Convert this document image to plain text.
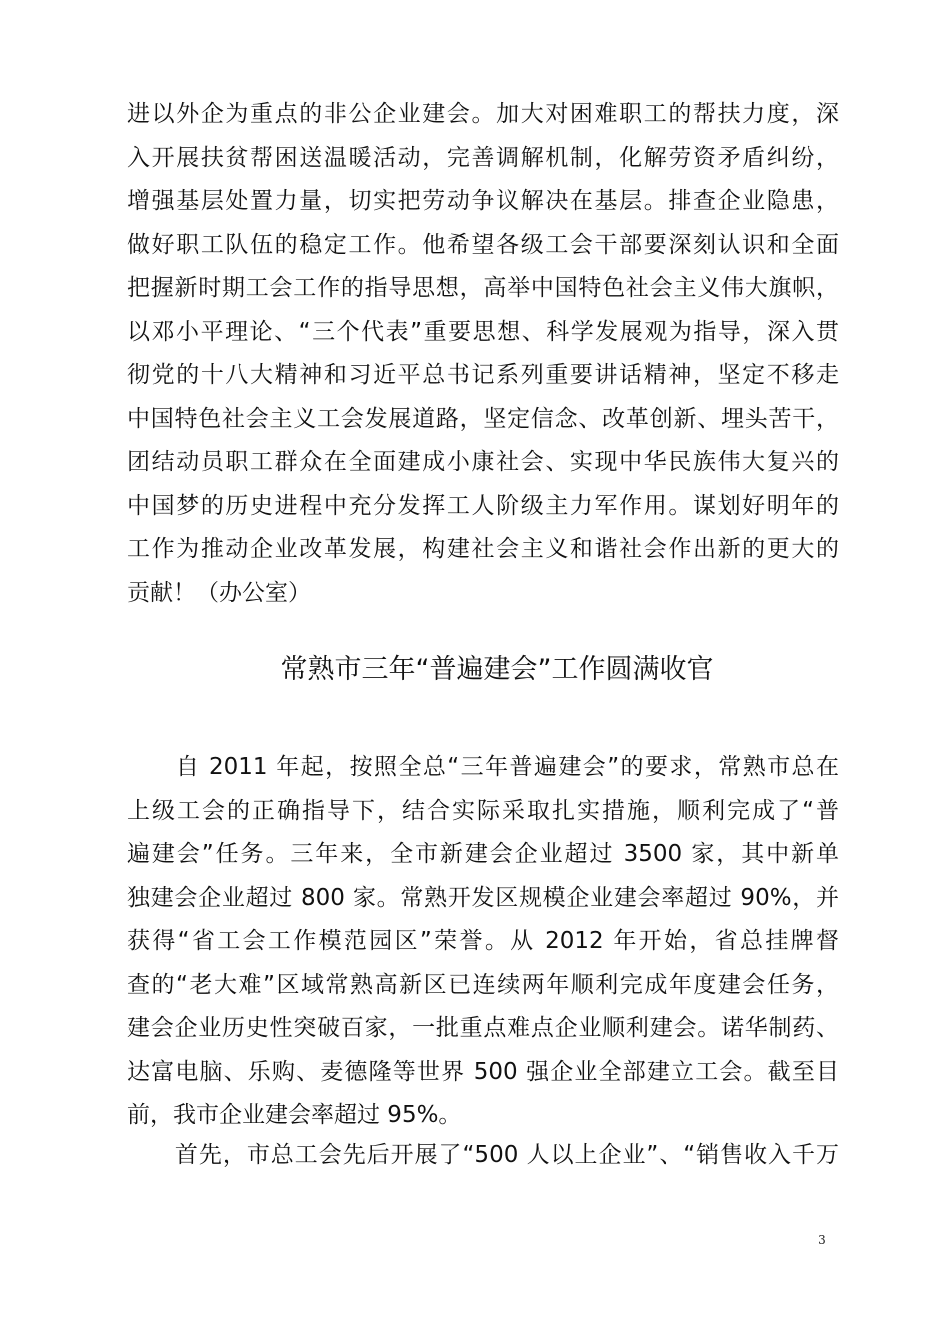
进以外企为重点的非公企业建会。加大对困难职工的帮扶力度，深
入开展扶贫帮困送温暖活动，完善调解机制，化解劳资矛盾纠纷，
增强基层处置力量，切实把劳动争议解决在基层。排查企业隐患，
做好职工队伍的稳定工作。他希望各级工会干部要深刻认识和全面
把握新时期工会工作的指导思想，高举中国特色社会主义伟大旗帜，
以邓小平理论、“三个代表”重要思想、科学发展观为指导，深入贯
彻党的十八大精神和习近平总书记系列重要讲话精神，坚定不移走
中国特色社会主义工会发展道路，坚定信念、改革创新、埋头苦干，
团结动员职工群众在全面建成小康社会、实现中华民族伟大复兴的
中国梦的历史进程中充分发挥工人阶级主力军作用。谋划好明年的
工作为推动企业改革发展，构建社会主义和谐社会作出新的更大的
贡献！（办公室）
常熟市三年“普遍建会”工作圆满收官
　　自 2011 年起，按照全总“三年普遍建会”的要求，常熟市总在
上级工会的正确指导下，结合实际采取扎实措施，顺利完成了“普
遍建会”任务。三年来，全市新建会企业超过 3500 家，其中新单
独建会企业超过 800 家。常熟开发区规模企业建会率超过 90%，并
获得“省工会工作模范园区”荣誉。从 2012 年开始，省总挂牌督
查的“老大难”区域常熟高新区已连续两年顺利完成年度建会任务，
建会企业历史性突破百家，一批重点难点企业顺利建会。诺华制药、
达富电脑、乐购、麦德隆等世界 500 强企业全部建立工会。截至目
前，我市企业建会率超过 95%。
　　首先，市总工会先后开展了“500 人以上企业”、“销售收入千万
3
